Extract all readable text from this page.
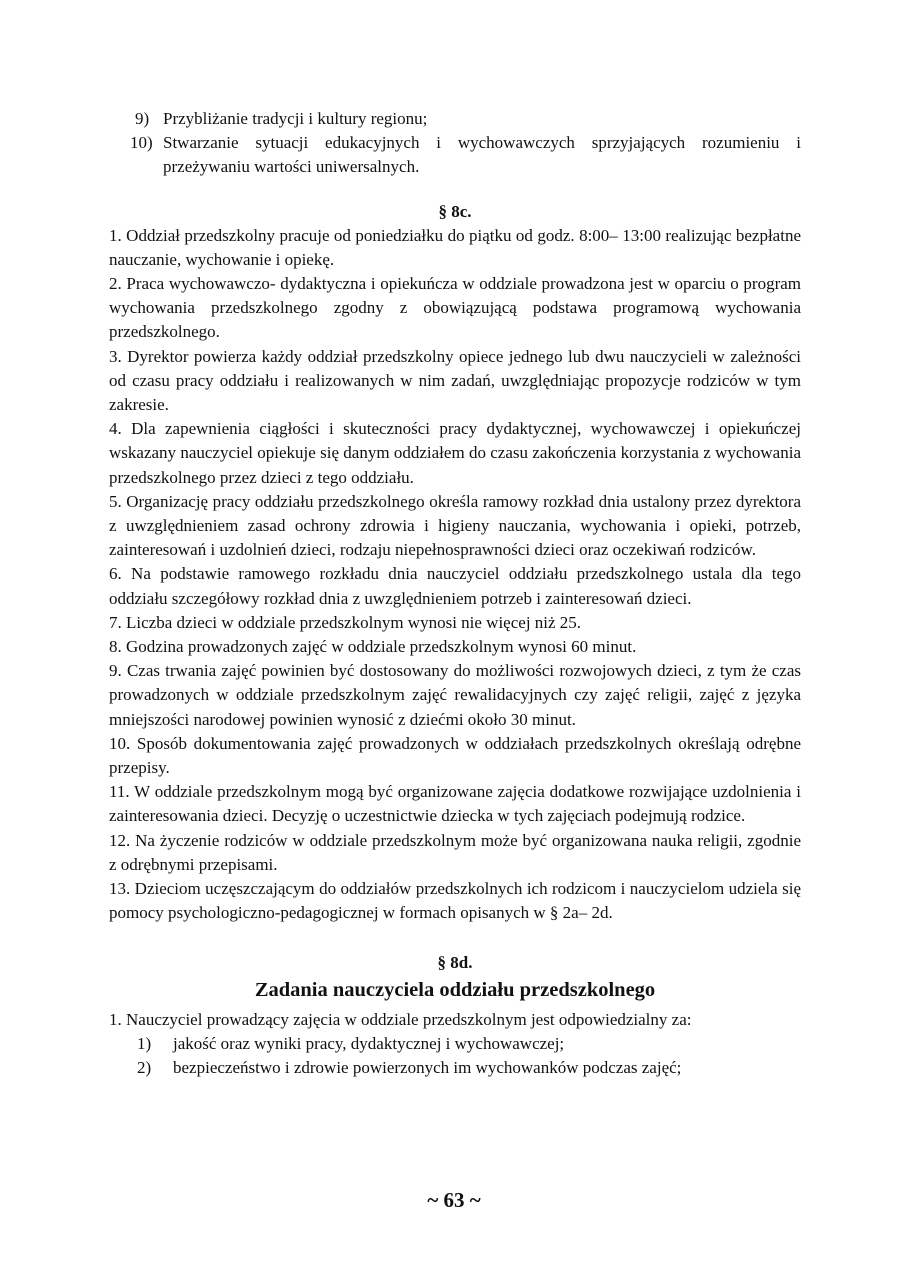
9) Przybliżanie tradycji i kultury regionu;
10) Stwarzanie sytuacji edukacyjnych i wychowawczych sprzyjających rozumieniu i przeżywaniu wartości uniwersalnych.
§ 8c.

1. Oddział przedszkolny pracuje od poniedziałku do piątku od godz. 8:00– 13:00 realizując bezpłatne nauczanie, wychowanie i opiekę.

2. Praca wychowawczo- dydaktyczna i opiekuńcza w oddziale prowadzona jest w oparciu o program wychowania przedszkolnego zgodny z obowiązującą podstawa programową wychowania przedszkolnego.

3. Dyrektor powierza każdy oddział przedszkolny opiece jednego lub dwu nauczycieli w zależności od czasu pracy oddziału i realizowanych w nim zadań, uwzględniając propozycje rodziców w tym zakresie.

4. Dla zapewnienia ciągłości i skuteczności pracy dydaktycznej, wychowawczej i opiekuńczej wskazany nauczyciel opiekuje się danym oddziałem do czasu zakończenia korzystania z wychowania przedszkolnego przez dzieci z tego oddziału.

5. Organizację pracy oddziału przedszkolnego określa ramowy rozkład dnia ustalony przez dyrektora z uwzględnieniem zasad ochrony zdrowia i higieny nauczania, wychowania i opieki, potrzeb, zainteresowań i uzdolnień dzieci, rodzaju niepełnosprawności dzieci oraz oczekiwań rodziców.

6. Na podstawie ramowego rozkładu dnia nauczyciel oddziału przedszkolnego ustala dla tego oddziału szczegółowy rozkład dnia z uwzględnieniem potrzeb i zainteresowań dzieci.

7. Liczba dzieci w oddziale przedszkolnym wynosi nie więcej niż 25.

8. Godzina prowadzonych zajęć w oddziale przedszkolnym wynosi 60 minut.

9. Czas trwania zajęć powinien być dostosowany do możliwości rozwojowych dzieci, z tym że czas prowadzonych w oddziale przedszkolnym zajęć rewalidacyjnych czy zajęć religii, zajęć z języka mniejszości narodowej powinien wynosić z dziećmi około 30 minut.

10. Sposób dokumentowania zajęć prowadzonych w oddziałach przedszkolnych określają odrębne przepisy.

11. W oddziale przedszkolnym mogą być organizowane zajęcia dodatkowe rozwijające uzdolnienia i zainteresowania dzieci. Decyzję o uczestnictwie dziecka w tych zajęciach podejmują rodzice.

12. Na życzenie rodziców w oddziale przedszkolnym może być organizowana nauka religii, zgodnie z odrębnymi przepisami.

13. Dzieciom uczęszczającym do oddziałów przedszkolnych ich rodzicom i nauczycielom udziela się pomocy psychologiczno-pedagogicznej w formach opisanych w § 2a– 2d.

§ 8d.
Zadania nauczyciela oddziału przedszkolnego

1. Nauczyciel prowadzący zajęcia w oddziale przedszkolnym jest odpowiedzialny za:

1)	jakość oraz wyniki pracy, dydaktycznej i wychowawczej;
2)	bezpieczeństwo i zdrowie powierzonych im wychowanków podczas zajęć;
~ 63 ~
